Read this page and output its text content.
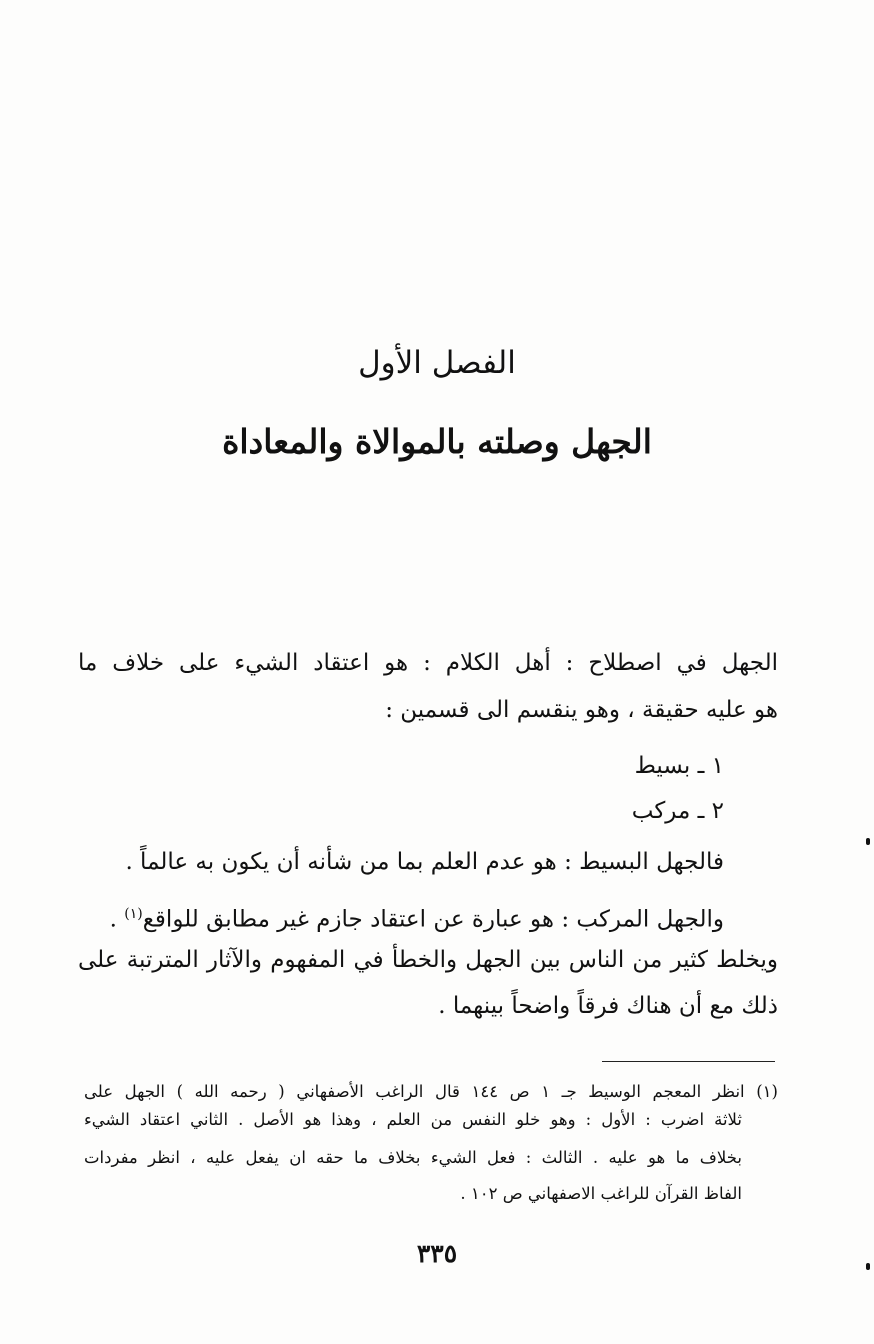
الفصل الأول
الجهل وصلته بالموالاة والمعاداة
الجهل في اصطلاح : أهل الكلام : هو اعتقاد الشيء على خلاف ما
هو عليه حقيقة ، وهو ينقسم الى قسمين :
١ ـ بسيط
٢ ـ مركب
فالجهل البسيط : هو عدم العلم بما من شأنه أن يكون به عالماً .
والجهل المركب : هو عبارة عن اعتقاد جازم غير مطابق للواقع$^{(١)}$ .
ويخلط كثير من الناس بين الجهل والخطأ في المفهوم والآثار المترتبة على
ذلك مع أن هناك فرقاً واضحاً بينهما .
(١) انظر المعجم الوسيط جـ ١ ص ١٤٤ قال الراغب الأصفهاني ( رحمه الله ) الجهل على
ثلاثة اضرب : الأول : وهو خلو النفس من العلم ، وهذا هو الأصل . الثاني اعتقاد الشيء
بخلاف ما هو عليه . الثالث : فعل الشيء بخلاف ما حقه ان يفعل عليه ، انظر مفردات
الفاظ القرآن للراغب الاصفهاني ص ١٠٢ .
٣٣٥
